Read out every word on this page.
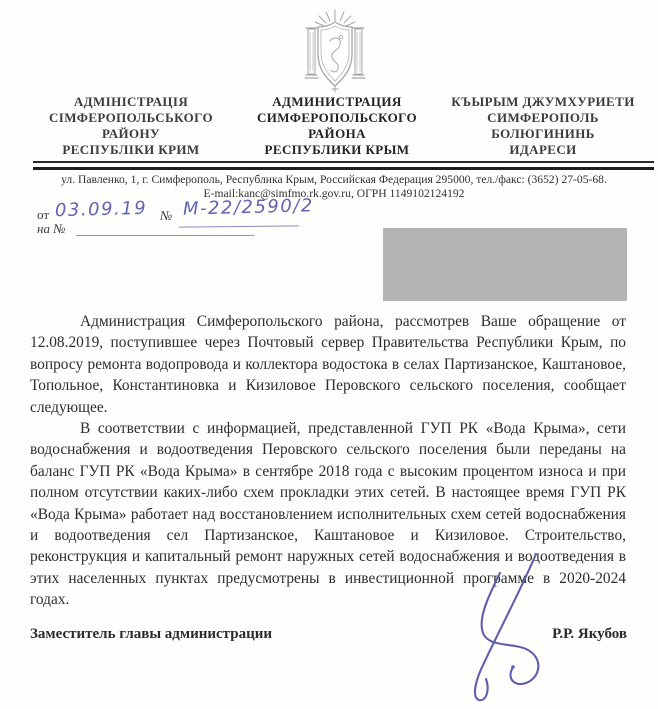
АДМІНІСТРАЦІЯ
СІМФЕРОПОЛЬСЬКОГО
РАЙОНУ
РЕСПУБЛІКИ КРИМ
АДМИНИСТРАЦИЯ
СИМФЕРОПОЛЬСКОГО
РАЙОНА
РЕСПУБЛИКИ КРЫМ
КЪЫРЫМ ДЖУМХУРИЕТИ
СИМФЕРОПОЛЬ
БОЛЮГИНИНЬ
ИДАРЕСИ
ул. Павленко, 1, г. Симферополь, Республика Крым, Российская Федерация 295000, тел./факс: (3652) 27-05-68.
E-mail:kanc@simfmo.rk.gov.ru, ОГРН 1149102124192
от 03.09.19 № М-22/2590/2
на №

Администрация Симферопольского района, рассмотрев Ваше обращение от 12.08.2019, поступившее через Почтовый сервер Правительства Республики Крым, по вопросу ремонта водопровода и коллектора водостока в селах Партизанское, Каштановое, Топольное, Константиновка и Кизиловое Перовского сельского поселения, сообщает следующее.

В соответствии с информацией, представленной ГУП РК «Вода Крыма», сети водоснабжения и водоотведения Перовского сельского поселения были переданы на баланс ГУП РК «Вода Крыма» в сентябре 2018 года с высоким процентом износа и при полном отсутствии каких-либо схем прокладки этих сетей. В настоящее время ГУП РК «Вода Крыма» работает над восстановлением исполнительных схем сетей водоснабжения и водоотведения сел Партизанское, Каштановое и Кизиловое. Строительство, реконструкция и капитальный ремонт наружных сетей водоснабжения и водоотведения в этих населенных пунктах предусмотрены в инвестиционной программе в 2020-2024 годах.

Заместитель главы администрации	Р.Р. Якубов
